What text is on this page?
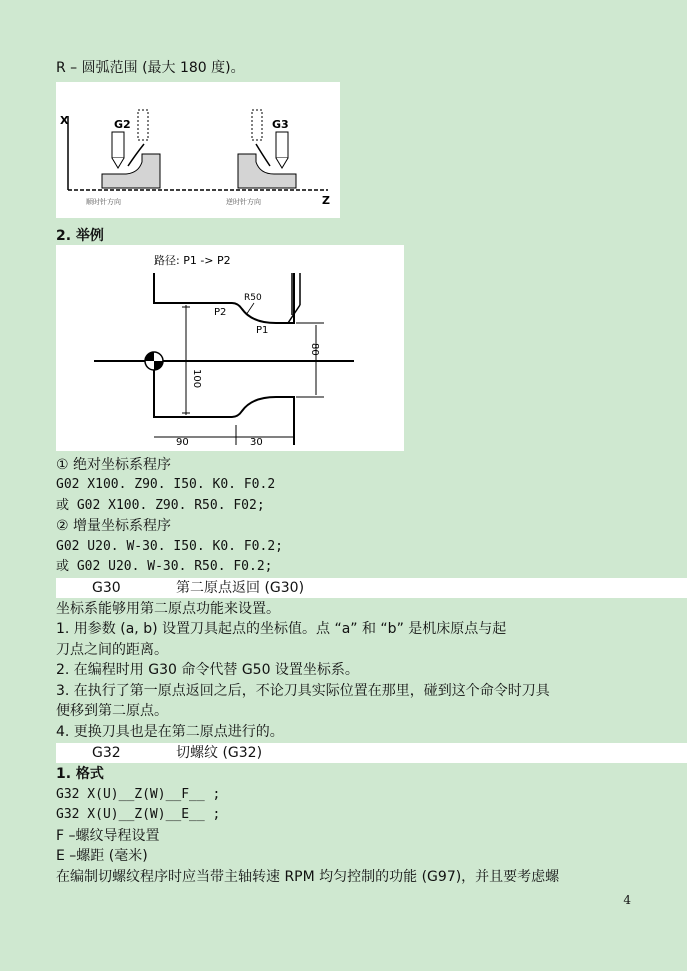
R – 圆弧范围 (最大 180 度)。
X
Z
G2	G3
顺时针方向	逆时针方向
2. 举例
路径: P1 -> P2
R50
P2
P1
100
80
90	30
① 绝对坐标系程序
G02 X100. Z90. I50. K0. F0.2
或 G02 X100. Z90. R50. F02;
② 增量坐标系程序
G02 U20. W-30. I50. K0. F0.2;
或 G02 U20. W-30. R50. F0.2;
G30	第二原点返回 (G30)
坐标系能够用第二原点功能来设置。
1. 用参数 (a, b) 设置刀具起点的坐标值。点 “a” 和 “b” 是机床原点与起
刀点之间的距离。
2. 在编程时用 G30 命令代替 G50 设置坐标系。
3. 在执行了第一原点返回之后，不论刀具实际位置在那里，碰到这个命令时刀具
便移到第二原点。
4. 更换刀具也是在第二原点进行的。
G32	切螺纹 (G32)
1. 格式
G32 X(U)__Z(W)__F__ ;
G32 X(U)__Z(W)__E__ ;
F –螺纹导程设置
E –螺距 (毫米)
在编制切螺纹程序时应当带主轴转速 RPM 均匀控制的功能 (G97)，并且要考虑螺
4
